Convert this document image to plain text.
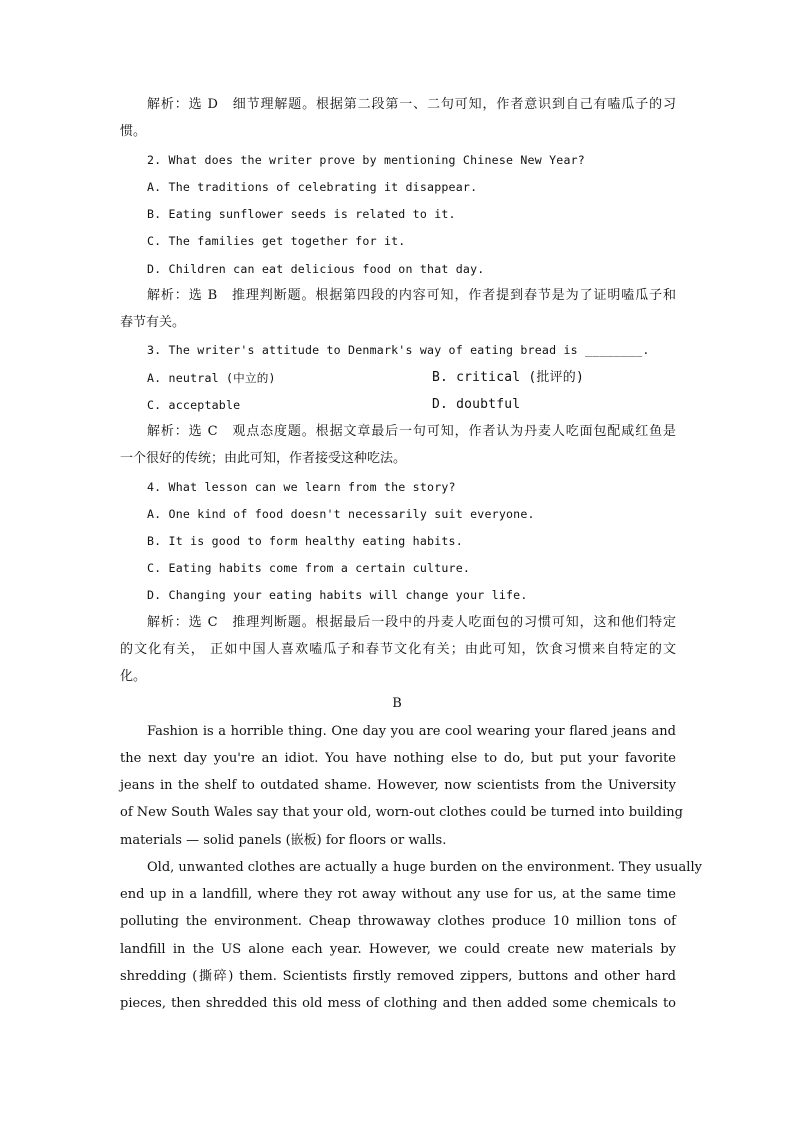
解析：选 D　细节理解题。根据第二段第一、二句可知，作者意识到自己有嗑瓜子的习
惯。
2. What does the writer prove by mentioning Chinese New Year?
A. The traditions of celebrating it disappear.
B. Eating sunflower seeds is related to it.
C. The families get together for it.
D. Children can eat delicious food on that day.
解析：选 B　推理判断题。根据第四段的内容可知，作者提到春节是为了证明嗑瓜子和
春节有关。
3. The writer's attitude to Denmark's way of eating bread is ________.
A. neutral (中立的)	B. critical (批评的)
C. acceptable	D. doubtful
解析：选 C　观点态度题。根据文章最后一句可知，作者认为丹麦人吃面包配咸红鱼是
一个很好的传统；由此可知，作者接受这种吃法。
4. What lesson can we learn from the story?
A. One kind of food doesn't necessarily suit everyone.
B. It is good to form healthy eating habits.
C. Eating habits come from a certain culture.
D. Changing your eating habits will change your life.
解析：选 C　推理判断题。根据最后一段中的丹麦人吃面包的习惯可知，这和他们特定
的文化有关， 正如中国人喜欢嗑瓜子和春节文化有关；由此可知，饮食习惯来自特定的文
化。
B
Fashion is a horrible thing. One day you are cool wearing your flared jeans and
the next day you're an idiot. You have nothing else to do, but put your favorite
jeans in the shelf to outdated shame. However, now scientists from the University
of New South Wales say that your old, worn-out clothes could be turned into building
materials — solid panels (嵌板) for floors or walls.
Old, unwanted clothes are actually a huge burden on the environment. They usually
end up in a landfill, where they rot away without any use for us, at the same time
polluting the environment. Cheap throwaway clothes produce 10 million tons of
landfill in the US alone each year. However, we could create new materials by
shredding (撕碎) them. Scientists firstly removed zippers, buttons and other hard
pieces, then shredded this old mess of clothing and then added some chemicals to
